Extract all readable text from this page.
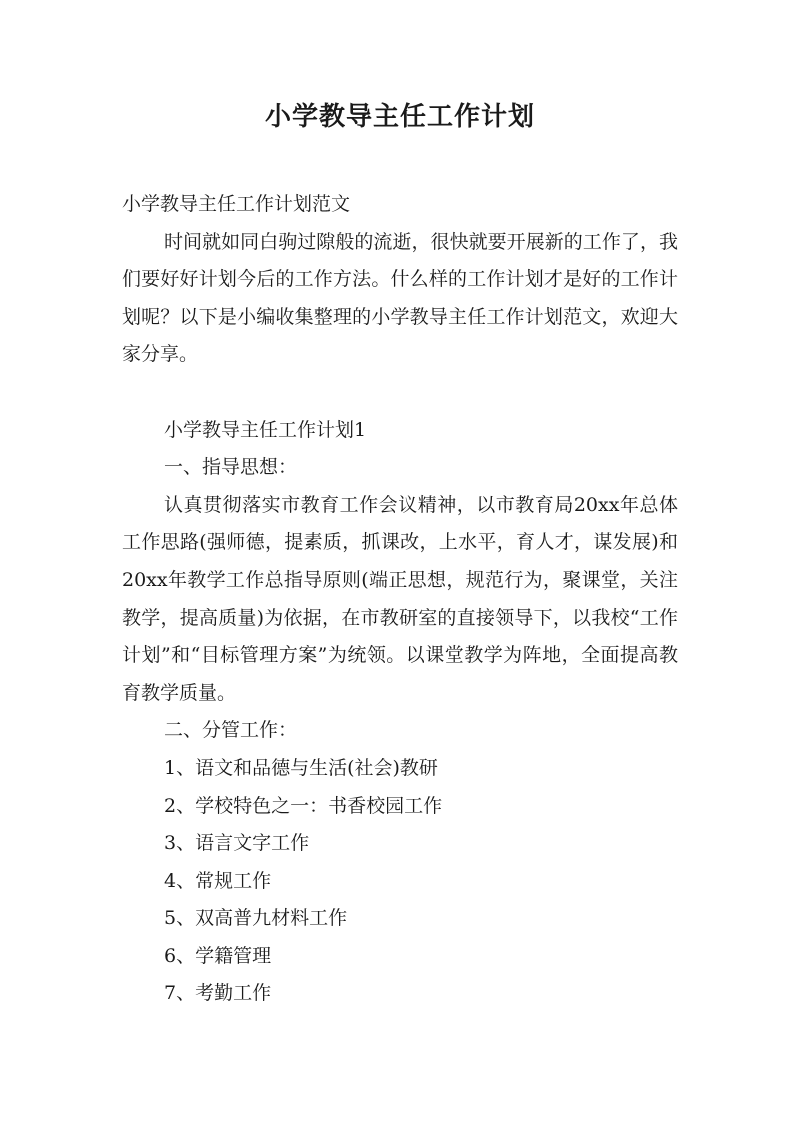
小学教导主任工作计划

小学教导主任工作计划范文

时间就如同白驹过隙般的流逝，很快就要开展新的工作了，我们要好好计划今后的工作方法。什么样的工作计划才是好的工作计划呢？以下是小编收集整理的小学教导主任工作计划范文，欢迎大家分享。

小学教导主任工作计划1

一、指导思想：

认真贯彻落实市教育工作会议精神，以市教育局20xx年总体工作思路(强师德，提素质，抓课改，上水平，育人才，谋发展)和20xx年教学工作总指导原则(端正思想，规范行为，聚课堂，关注教学，提高质量)为依据，在市教研室的直接领导下，以我校“工作计划”和“目标管理方案”为统领。以课堂教学为阵地，全面提高教育教学质量。

二、分管工作：

1、语文和品德与生活(社会)教研

2、学校特色之一：书香校园工作

3、语言文字工作

4、常规工作

5、双高普九材料工作

6、学籍管理

7、考勤工作
